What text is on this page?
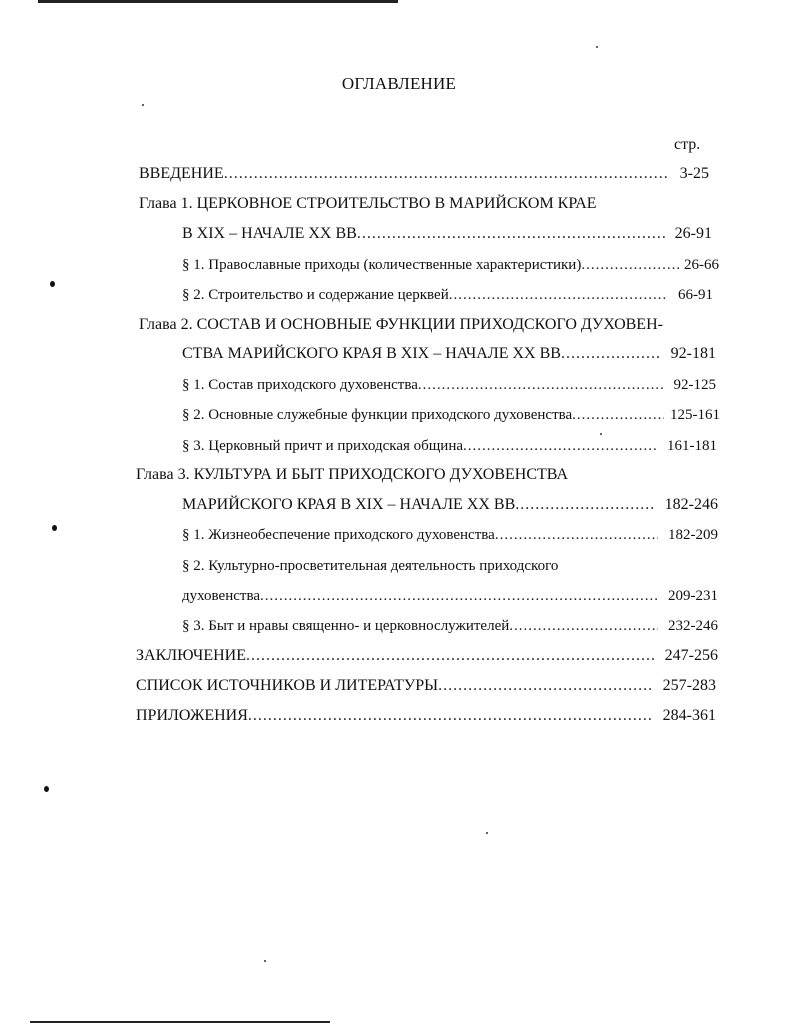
ОГЛАВЛЕНИЕ
стр.
ВВЕДЕНИЕ .....	3-25
Глава 1. ЦЕРКОВНОЕ СТРОИТЕЛЬСТВО В МАРИЙСКОМ КРАЕ
В XIX – НАЧАЛЕ XX ВВ .....	26-91
§ 1. Православные приходы (количественные характеристики) .....	26-66
§ 2. Строительство и содержание церквей .....	66-91
Глава 2. СОСТАВ И ОСНОВНЫЕ ФУНКЦИИ ПРИХОДСКОГО ДУХОВЕН-
СТВА МАРИЙСКОГО КРАЯ В XIX – НАЧАЛЕ XX ВВ .....	92-181
§ 1. Состав приходского духовенства .....	92-125
§ 2. Основные служебные функции приходского духовенства .....	125-161
§ 3. Церковный причт и приходская община .....	161-181
Глава 3. КУЛЬТУРА И БЫТ ПРИХОДСКОГО ДУХОВЕНСТВА
МАРИЙСКОГО КРАЯ В XIX – НАЧАЛЕ XX ВВ .....	182-246
§ 1. Жизнеобеспечение приходского духовенства .....	182-209
§ 2. Культурно-просветительная деятельность приходского
духовенства .....	209-231
§ 3. Быт и нравы священно- и церковнослужителей .....	232-246
ЗАКЛЮЧЕНИЕ .....	247-256
СПИСОК ИСТОЧНИКОВ И ЛИТЕРАТУРЫ .....	257-283
ПРИЛОЖЕНИЯ .....	284-361
